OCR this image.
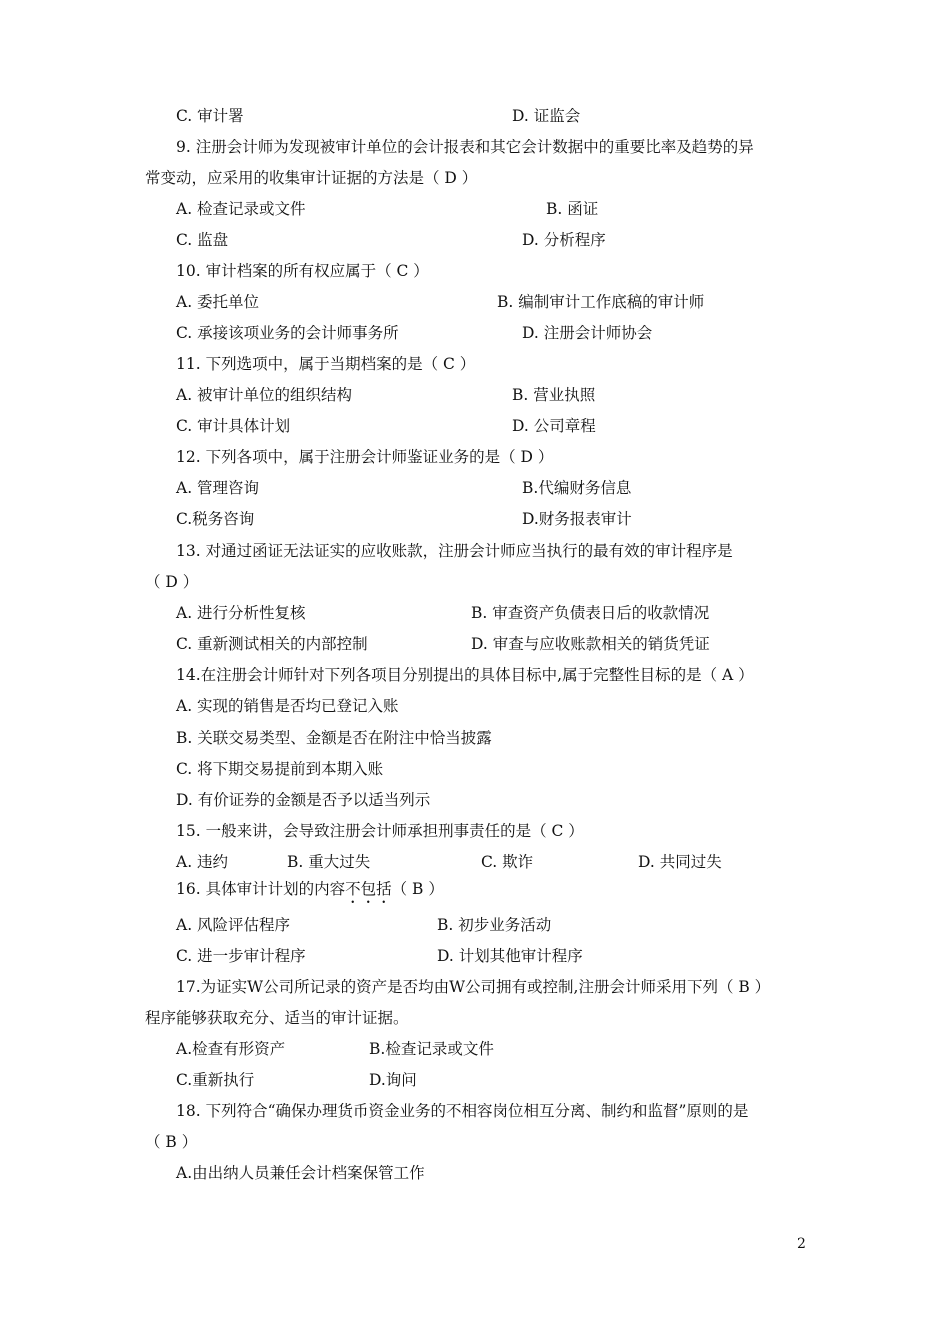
C. 审计署	D. 证监会
9. 注册会计师为发现被审计单位的会计报表和其它会计数据中的重要比率及趋势的异
常变动，应采用的收集审计证据的方法是（ D ）
A. 检查记录或文件	B. 函证
C. 监盘	D. 分析程序
10. 审计档案的所有权应属于（ C ）
A. 委托单位	B. 编制审计工作底稿的审计师
C. 承接该项业务的会计师事务所	D. 注册会计师协会
11. 下列选项中，属于当期档案的是（ C ）
A. 被审计单位的组织结构	B. 营业执照
C. 审计具体计划	D. 公司章程
12. 下列各项中，属于注册会计师鉴证业务的是（ D ）
A. 管理咨询	B.代编财务信息
C.税务咨询	D.财务报表审计
13. 对通过函证无法证实的应收账款，注册会计师应当执行的最有效的审计程序是
（ D ）
A. 进行分析性复核	B. 审查资产负债表日后的收款情况
C. 重新测试相关的内部控制	D. 审查与应收账款相关的销货凭证
14.在注册会计师针对下列各项目分别提出的具体目标中,属于完整性目标的是（ A ）
A. 实现的销售是否均已登记入账
B. 关联交易类型、金额是否在附注中恰当披露
C. 将下期交易提前到本期入账
D. 有价证券的金额是否予以适当列示
15. 一般来讲，会导致注册会计师承担刑事责任的是（ C ）
A. 违约	B. 重大过失	C. 欺诈	D. 共同过失
16. 具体审计计划的内容不包括（ B ）
A. 风险评估程序	B. 初步业务活动
C. 进一步审计程序	D. 计划其他审计程序
17.为证实W公司所记录的资产是否均由W公司拥有或控制,注册会计师采用下列（ B ）
程序能够获取充分、适当的审计证据。
A.检查有形资产	B.检查记录或文件
C.重新执行	D.询问
18. 下列符合“确保办理货币资金业务的不相容岗位相互分离、制约和监督”原则的是
（ B ）
A.由出纳人员兼任会计档案保管工作
2
